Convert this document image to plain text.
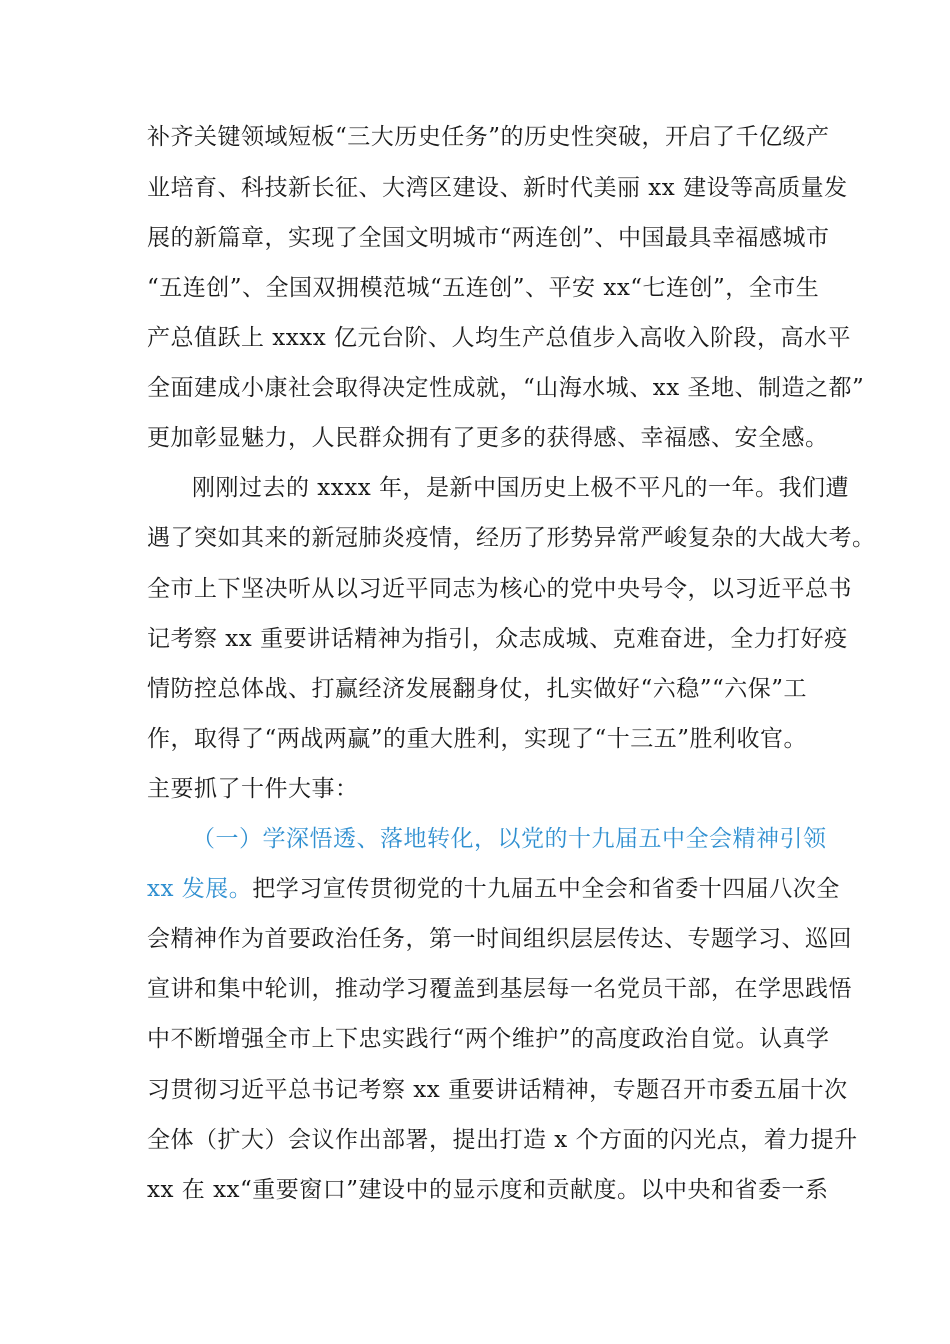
补齐关键领域短板“三大历史任务”的历史性突破，开启了千亿级产
业培育、科技新长征、大湾区建设、新时代美丽 xx 建设等高质量发
展的新篇章，实现了全国文明城市“两连创”、中国最具幸福感城市
“五连创”、全国双拥模范城“五连创”、平安 xx“七连创”，全市生
产总值跃上 xxxx 亿元台阶、人均生产总值步入高收入阶段，高水平
全面建成小康社会取得决定性成就，“山海水城、xx 圣地、制造之都”
更加彰显魅力，人民群众拥有了更多的获得感、幸福感、安全感。
刚刚过去的 xxxx 年，是新中国历史上极不平凡的一年。我们遭
遇了突如其来的新冠肺炎疫情，经历了形势异常严峻复杂的大战大考。
全市上下坚决听从以习近平同志为核心的党中央号令，以习近平总书
记考察 xx 重要讲话精神为指引，众志成城、克难奋进，全力打好疫
情防控总体战、打赢经济发展翻身仗，扎实做好“六稳”“六保”工
作，取得了“两战两赢”的重大胜利，实现了“十三五”胜利收官。
主要抓了十件大事：
（一）学深悟透、落地转化，以党的十九届五中全会精神引领
xx 发展。把学习宣传贯彻党的十九届五中全会和省委十四届八次全
会精神作为首要政治任务，第一时间组织层层传达、专题学习、巡回
宣讲和集中轮训，推动学习覆盖到基层每一名党员干部，在学思践悟
中不断增强全市上下忠实践行“两个维护”的高度政治自觉。认真学
习贯彻习近平总书记考察 xx 重要讲话精神，专题召开市委五届十次
全体（扩大）会议作出部署，提出打造 x 个方面的闪光点，着力提升
xx 在 xx“重要窗口”建设中的显示度和贡献度。以中央和省委一系
